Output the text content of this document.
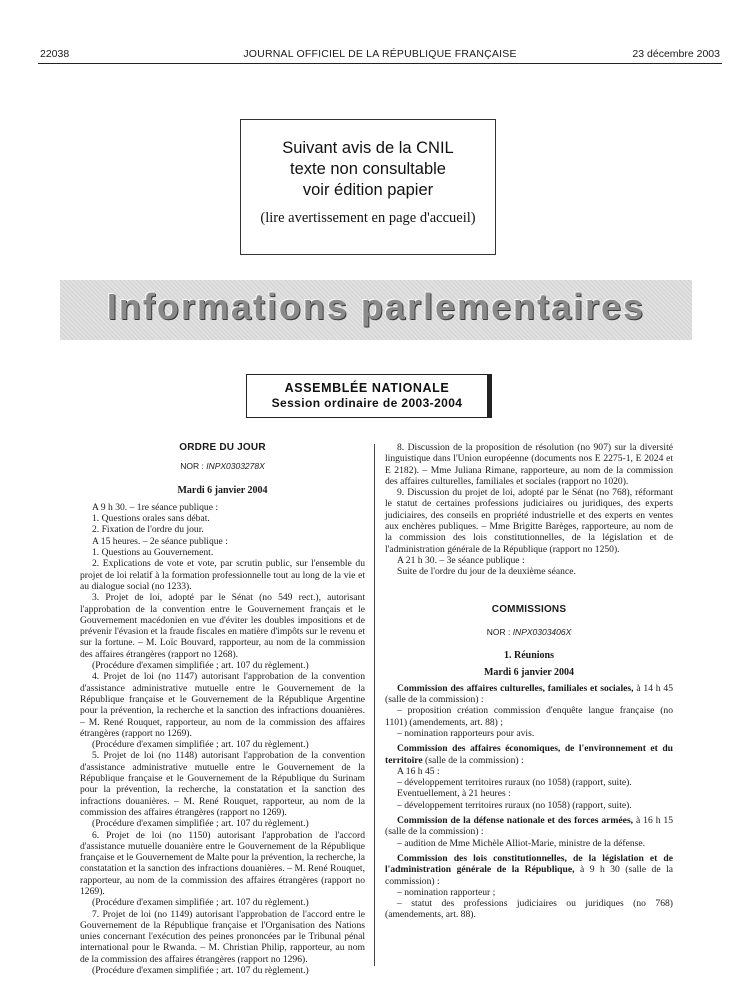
22038	JOURNAL OFFICIEL DE LA RÉPUBLIQUE FRANÇAISE	23 décembre 2003
Suivant avis de la CNIL
texte non consultable
voir édition papier
(lire avertissement en page d'accueil)
Informations parlementaires
ASSEMBLÉE NATIONALE
Session ordinaire de 2003-2004
ORDRE DU JOUR
NOR : INPX0303278X
Mardi 6 janvier 2004

A 9 h 30. – 1re séance publique :

1. Questions orales sans débat.

2. Fixation de l'ordre du jour.

A 15 heures. – 2e séance publique :

1. Questions au Gouvernement.

2. Explications de vote et vote, par scrutin public, sur l'ensemble du projet de loi relatif à la formation professionnelle tout au long de la vie et au dialogue social (no 1233).

3. Projet de loi, adopté par le Sénat (no 549 rect.), autorisant l'approbation de la convention entre le Gouvernement français et le Gouvernement macédonien en vue d'éviter les doubles impositions et de prévenir l'évasion et la fraude fiscales en matière d'impôts sur le revenu et sur la fortune. – M. Loïc Bouvard, rapporteur, au nom de la commission des affaires étrangères (rapport no 1268).

(Procédure d'examen simplifiée ; art. 107 du règlement.)

4. Projet de loi (no 1147) autorisant l'approbation de la convention d'assistance administrative mutuelle entre le Gouvernement de la République française et le Gouvernement de la République Argentine pour la prévention, la recherche et la sanction des infractions douanières. – M. René Rouquet, rapporteur, au nom de la commission des affaires étrangères (rapport no 1269).

(Procédure d'examen simplifiée ; art. 107 du règlement.)

5. Projet de loi (no 1148) autorisant l'approbation de la convention d'assistance administrative mutuelle entre le Gouvernement de la République française et le Gouvernement de la République du Surinam pour la prévention, la recherche, la constatation et la sanction des infractions douanières. – M. René Rouquet, rapporteur, au nom de la commission des affaires étrangères (rapport no 1269).

(Procédure d'examen simplifiée ; art. 107 du règlement.)

6. Projet de loi (no 1150) autorisant l'approbation de l'accord d'assistance mutuelle douanière entre le Gouvernement de la République française et le Gouvernement de Malte pour la prévention, la recherche, la constatation et la sanction des infractions douanières. – M. René Rouquet, rapporteur, au nom de la commission des affaires étrangères (rapport no 1269).

(Procédure d'examen simplifiée ; art. 107 du règlement.)

7. Projet de loi (no 1149) autorisant l'approbation de l'accord entre le Gouvernement de la République française et l'Organisation des Nations unies concernant l'exécution des peines prononcées par le Tribunal pénal international pour le Rwanda. – M. Christian Philip, rapporteur, au nom de la commission des affaires étrangères (rapport no 1296).

(Procédure d'examen simplifiée ; art. 107 du règlement.)

8. Discussion de la proposition de résolution (no 907) sur la diversité linguistique dans l'Union européenne (documents nos E 2275-1, E 2024 et E 2182). – Mme Juliana Rimane, rapporteure, au nom de la commission des affaires culturelles, familiales et sociales (rapport no 1020).

9. Discussion du projet de loi, adopté par le Sénat (no 768), réformant le statut de certaines professions judiciaires ou juridiques, des experts judiciaires, des conseils en propriété industrielle et des experts en ventes aux enchères publiques. – Mme Brigitte Barèges, rapporteure, au nom de la commission des lois constitutionnelles, de la législation et de l'administration générale de la République (rapport no 1250).

A 21 h 30. – 3e séance publique :

Suite de l'ordre du jour de la deuxième séance.

COMMISSIONS
NOR : INPX0303406X
1. Réunions
Mardi 6 janvier 2004

Commission des affaires culturelles, familiales et sociales, à 14 h 45 (salle de la commission) :

– proposition création commission d'enquête langue française (no 1101) (amendements, art. 88) ;

– nomination rapporteurs pour avis.

Commission des affaires économiques, de l'environnement et du territoire (salle de la commission) :

A 16 h 45 :

– développement territoires ruraux (no 1058) (rapport, suite).

Eventuellement, à 21 heures :

– développement territoires ruraux (no 1058) (rapport, suite).

Commission de la défense nationale et des forces armées, à 16 h 15 (salle de la commission) :

– audition de Mme Michèle Alliot-Marie, ministre de la défense.

Commission des lois constitutionnelles, de la législation et de l'administration générale de la République, à 9 h 30 (salle de la commission) :

– nomination rapporteur ;

– statut des professions judiciaires ou juridiques (no 768) (amendements, art. 88).
